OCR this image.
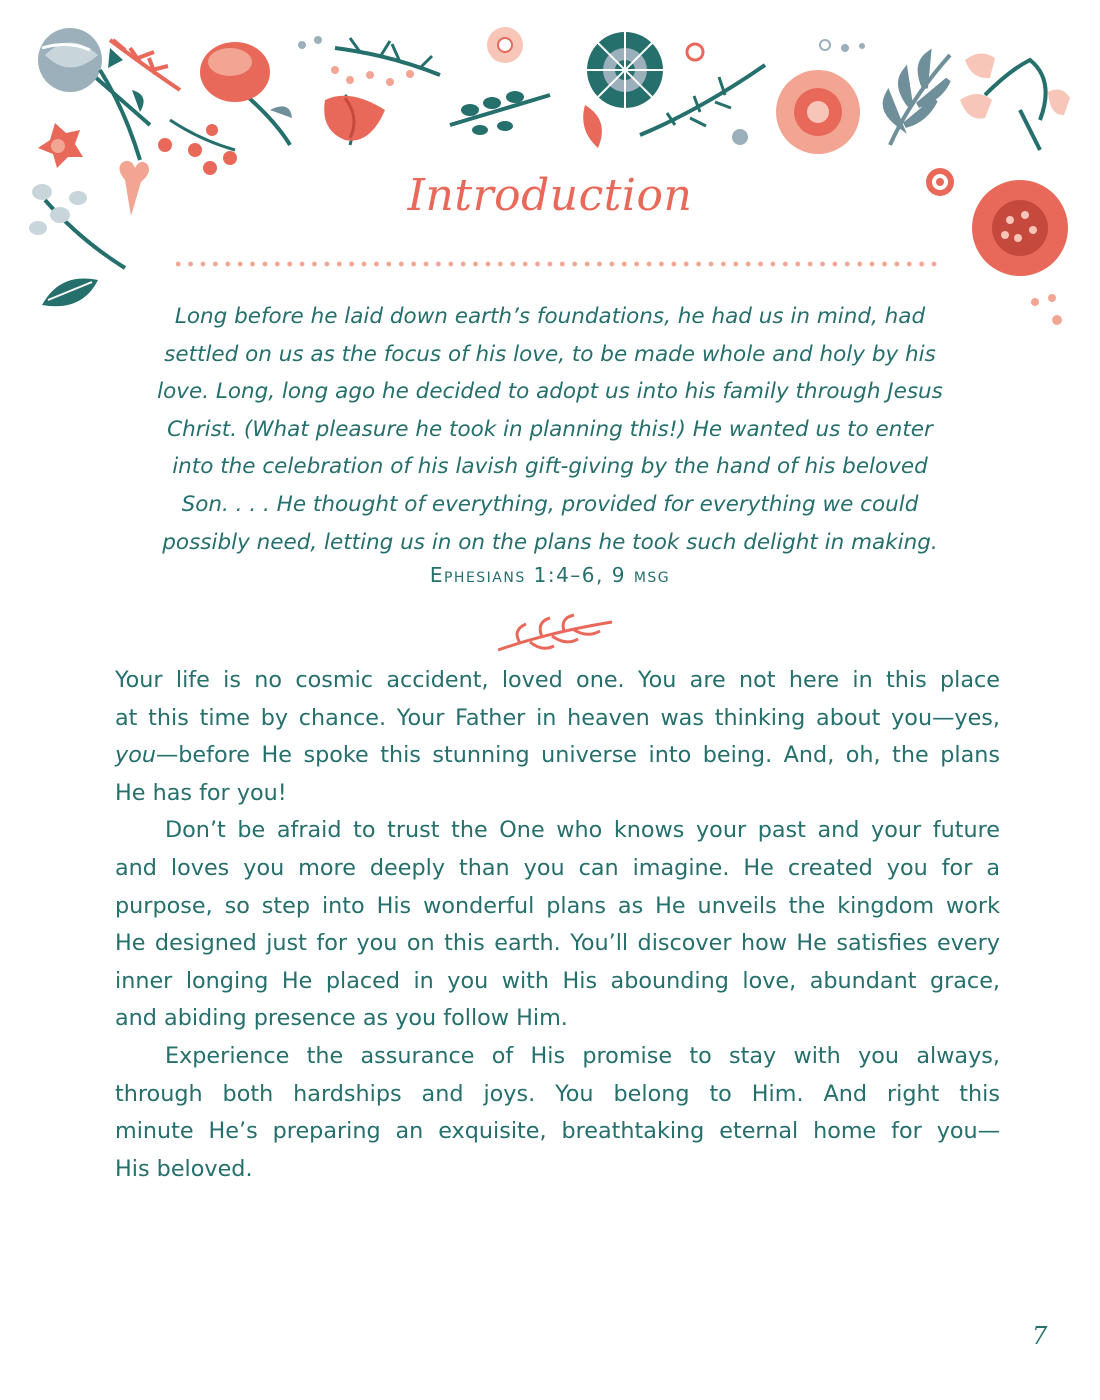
Introduction
Long before he laid down earth’s foundations, he had us in mind, had
settled on us as the focus of his love, to be made whole and holy by his
love. Long, long ago he decided to adopt us into his family through Jesus
Christ. (What pleasure he took in planning this!) He wanted us to enter
into the celebration of his lavish gift-giving by the hand of his beloved
Son. . . . He thought of everything, provided for everything we could
possibly need, letting us in on the plans he took such delight in making.
Ephesians 1:4–6, 9 msg
Your life is no cosmic accident, loved one. You are not here in this place
at this time by chance. Your Father in heaven was thinking about you—yes,
you—before He spoke this stunning universe into being. And, oh, the plans
He has for you!
Don’t be afraid to trust the One who knows your past and your future
and loves you more deeply than you can imagine. He created you for a
purpose, so step into His wonderful plans as He unveils the kingdom work
He designed just for you on this earth. You’ll discover how He satisfies every
inner longing He placed in you with His abounding love, abundant grace,
and abiding presence as you follow Him.
Experience the assurance of His promise to stay with you always,
through both hardships and joys. You belong to Him. And right this
minute He’s preparing an exquisite, breathtaking eternal home for you—
His beloved.
7
